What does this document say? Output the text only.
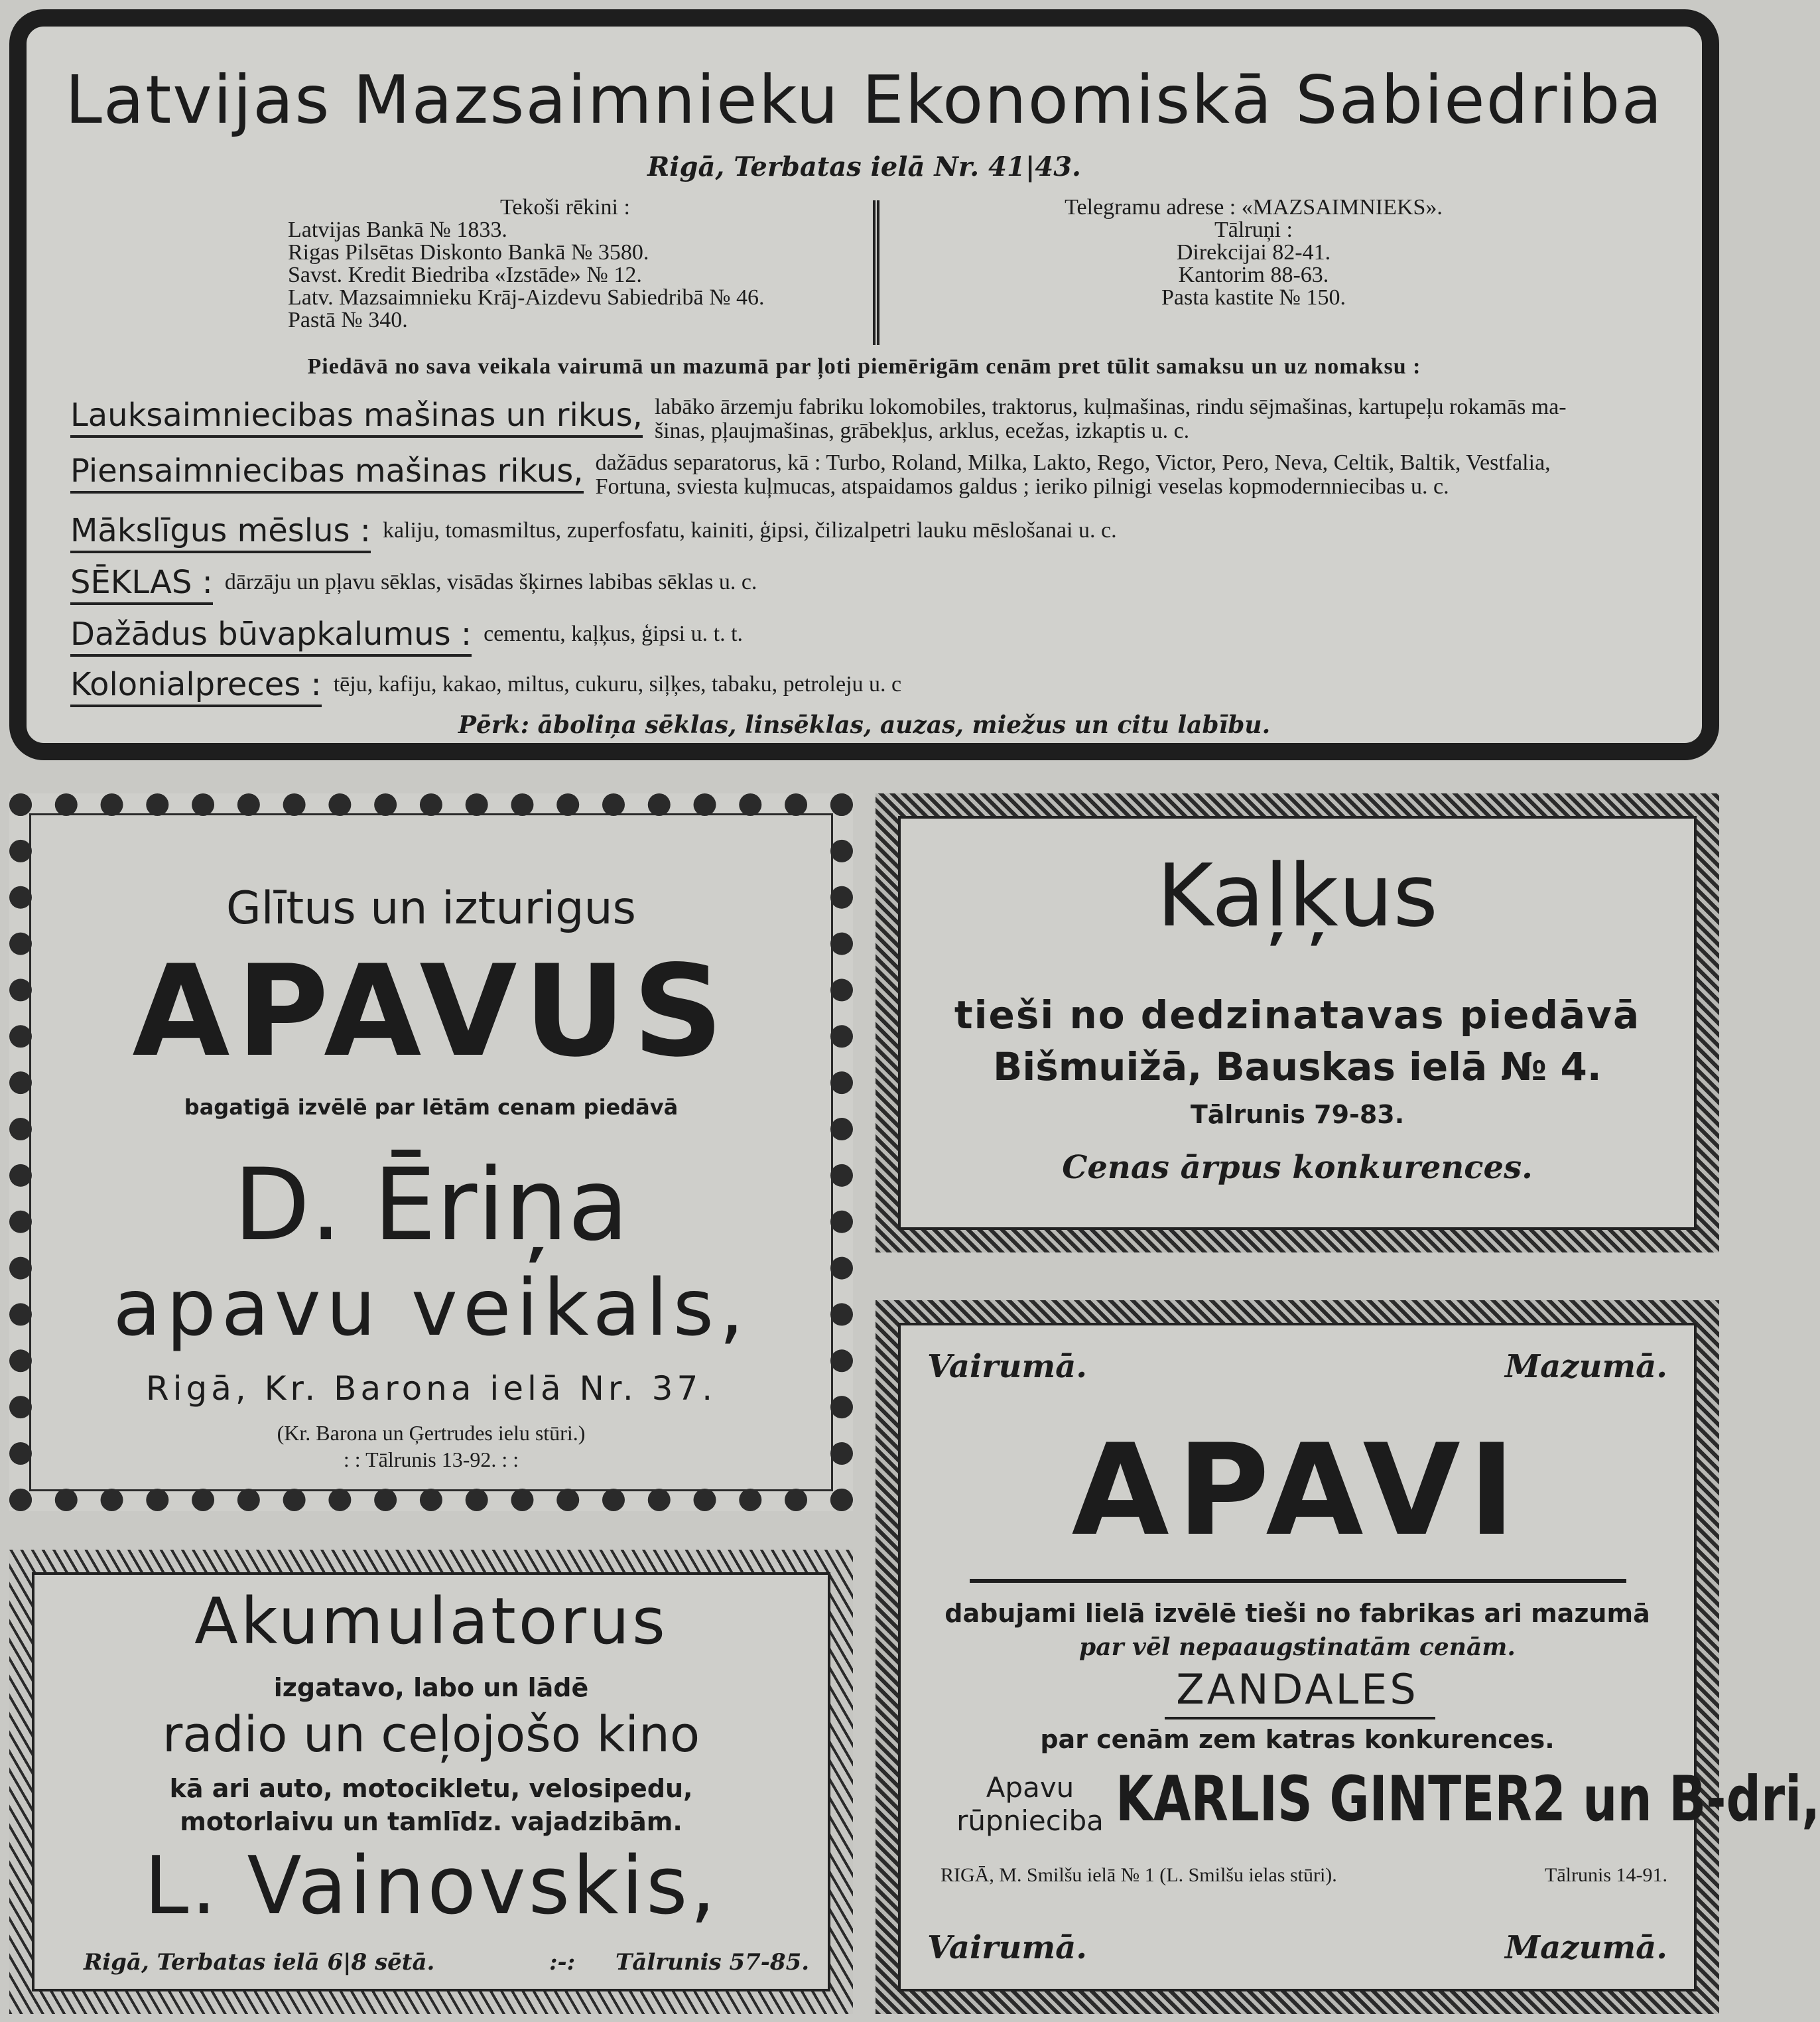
Latvijas Mazsaimnieku Ekonomiskā Sabiedriba
Rigā, Terbatas ielā Nr. 41|43.
Tekoši rēkini :
Latvijas Bankā № 1833.
Rigas Pilsētas Diskonto Bankā № 3580.
Savst. Kredit Biedriba «Izstāde» № 12.
Latv. Mazsaimnieku Krāj-Aizdevu Sabiedribā № 46.
Pastā № 340.
Telegramu adrese : «MAZSAIMNIEKS».
Tālruņi :
Direkcijai 82-41.
Kantorim 88-63.
Pasta kastite № 150.
Piedāvā no sava veikala vairumā un mazumā par ļoti piemērigām cenām pret tūlit samaksu un uz nomaksu :
Lauksaimniecibas mašinas un rikus, labāko ārzemju fabriku lokomobiles, traktorus, kuļmašinas, rindu sējmašinas, kartupeļu rokamās ma-
šinas, pļaujmašinas, grābekļus, arklus, ecežas, izkaptis u. c.
Piensaimniecibas mašinas rikus, dažādus separatorus, kā : Turbo, Roland, Milka, Lakto, Rego, Victor, Pero, Neva, Celtik, Baltik, Vestfalia,
Fortuna, sviesta kuļmucas, atspaidamos galdus ; ieriko pilnigi veselas kopmodernniecibas u. c.
Mākslīgus mēslus : kaliju, tomasmiltus, zuperfosfatu, kainiti, ģipsi, čilizalpetri lauku mēslošanai u. c.
SĒKLAS : dārzāju un pļavu sēklas, visādas šķirnes labibas sēklas u. c.
Dažādus būvapkalumus : cementu, kaļķus, ģipsi u. t. t.
Kolonialpreces : tēju, kafiju, kakao, miltus, cukuru, siļķes, tabaku, petroleju u. c
Pērk: āboliņa sēklas, linsēklas, auzas, miežus un citu labību.
Glītus un izturigus
APAVUS
bagatigā izvēlē par lētām cenam piedāvā
D. Ēriņa
apavu veikals,
Rigā, Kr. Barona ielā Nr. 37.
(Kr. Barona un Ģertrudes ielu stūri.)
: : Tālrunis 13-92. : :
Kaļķus
tieši no dedzinatavas piedāvā
Bišmuižā, Bauskas ielā № 4.
Tālrunis 79-83.
Cenas ārpus konkurences.
Akumulatorus
izgatavo, labo un lādē
radio un ceļojošo kino
kā ari auto, motocikletu, velosipedu,
motorlaivu un tamlīdz. vajadzibām.
L. Vainovskis,
Rigā, Terbatas ielā 6|8 sētā.	:-: Tālrunis 57-85.
Vairumā.	Mazumā.
APAVI
dabujami lielā izvēlē tieši no fabrikas ari mazumā
par vēl nepaaugstinatām cenām.
ZANDALES
par cenām zem katras konkurences.
Apavu
rūpnieciba KARLIS GINTER2 un B-dri,
RIGĀ, M. Smilšu ielā № 1 (L. Smilšu ielas stūri).	Tālrunis 14-91.
Vairumā.	Mazumā.
